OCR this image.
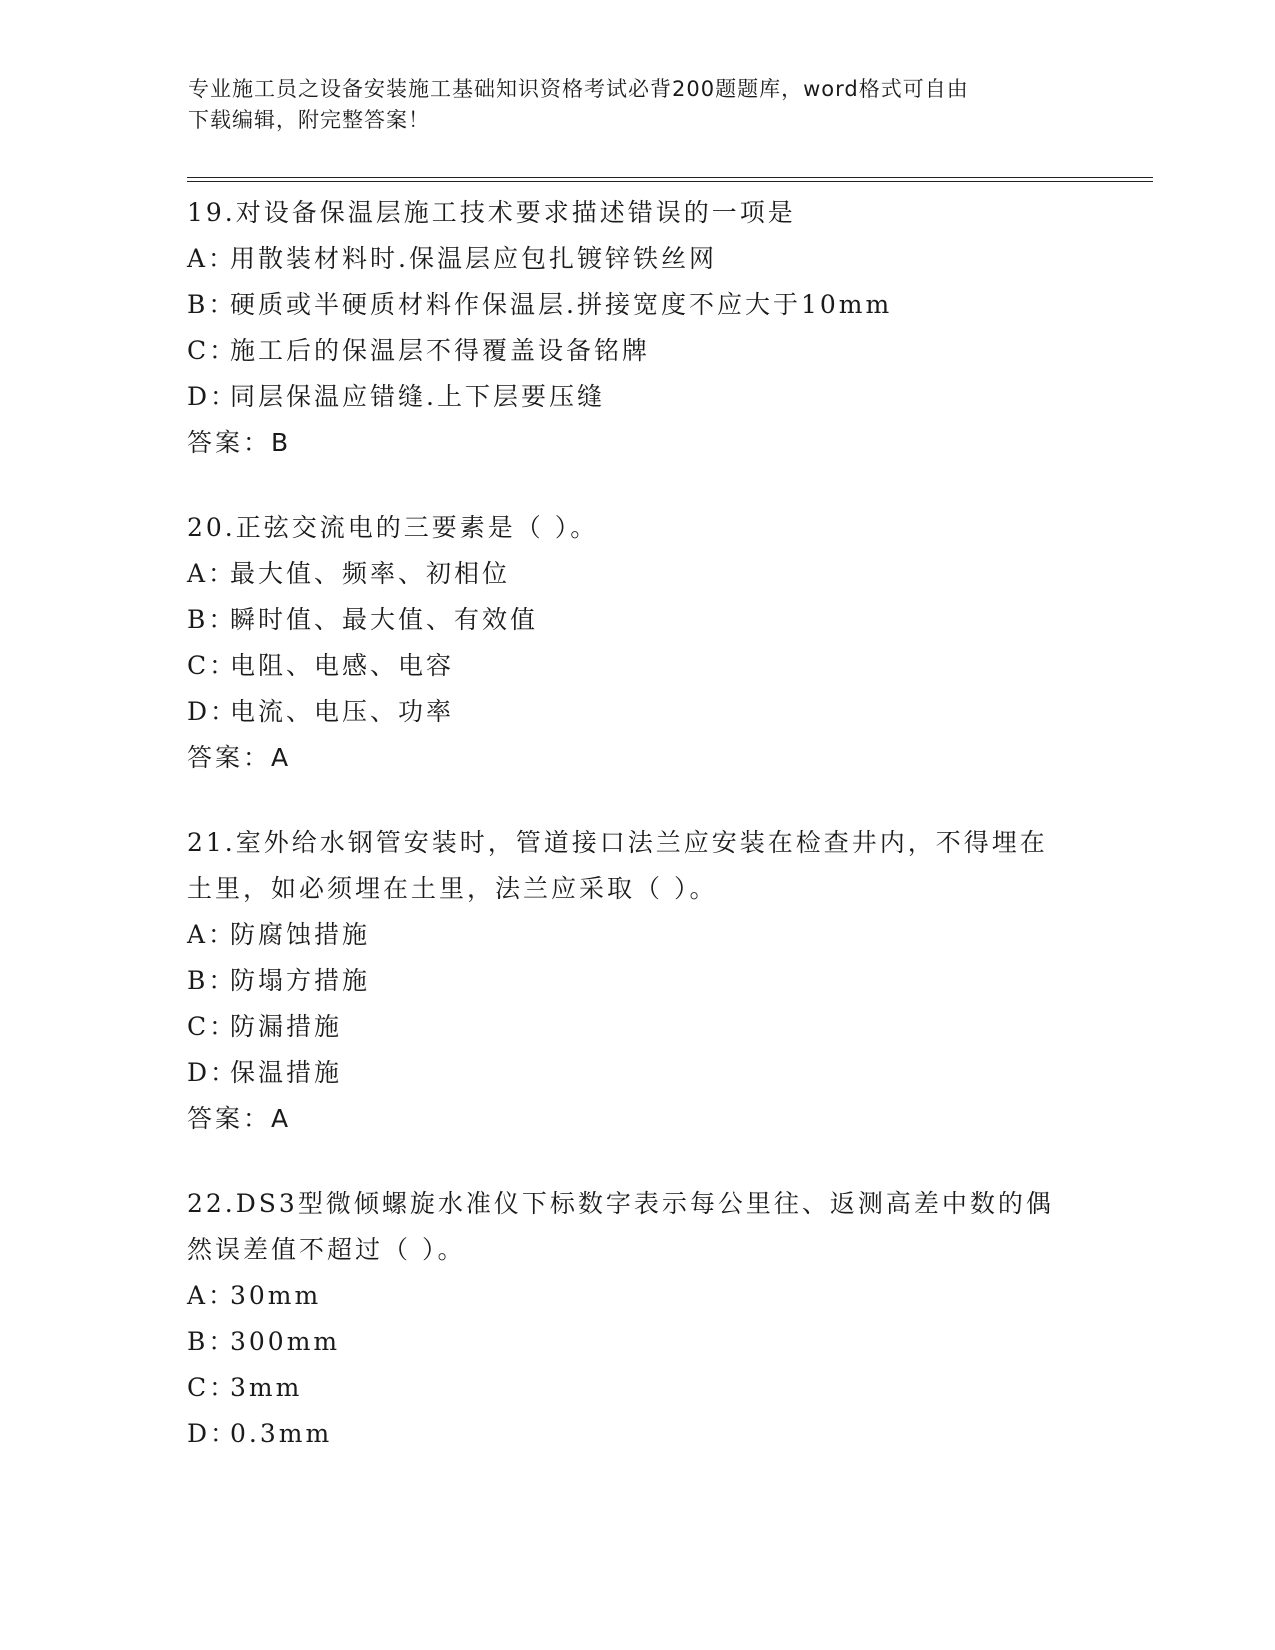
专业施工员之设备安装施工基础知识资格考试必背200题题库，word格式可自由
下载编辑，附完整答案！
19.对设备保温层施工技术要求描述错误的一项是
A：
用散装材料时.保温层应包扎镀锌铁丝网
B：
硬质或半硬质材料作保温层.拼接宽度不应大于10mm
C：
施工后的保温层不得覆盖设备铭牌
D：
同层保温应错缝.上下层要压缝
答案：B
20.正弦交流电的三要素是（ ）。
A：
最大值、频率、初相位
B：
瞬时值、最大值、有效值
C：
电阻、电感、电容
D：
电流、电压、功率
答案：A
21.室外给水钢管安装时，管道接口法兰应安装在检查井内，不得埋在
土里，如必须埋在土里，法兰应采取（ ）。
A：
防腐蚀措施
B：
防塌方措施
C：
防漏措施
D：
保温措施
答案：A
22.DS3型微倾螺旋水准仪下标数字表示每公里往、返测高差中数的偶
然误差值不超过（ ）。
A：
30mm
B：
300mm
C：
3mm
D：
0.3mm
